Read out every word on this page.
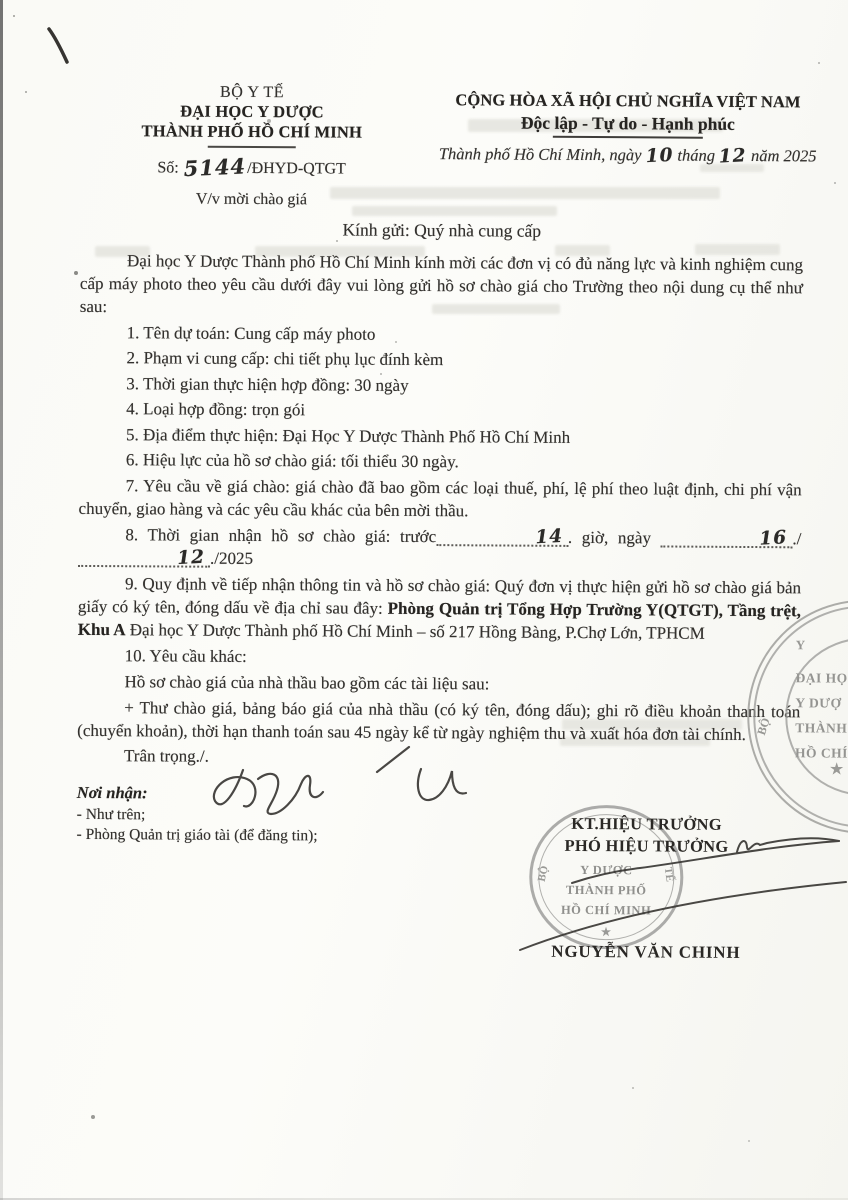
BỘ Y TẾ
ĐẠI HỌC Y DƯỢC
THÀNH PHỐ HỒ CHÍ MINH
Số: 5144/ĐHYD-QTGT
V/v mời chào giá
CỘNG HÒA XÃ HỘI CHỦ NGHĨA VIỆT NAM
Độc lập - Tự do - Hạnh phúc
Thành phố Hồ Chí Minh, ngày 10 tháng 12 năm 2025
Kính gửi: Quý nhà cung cấp

Đại học Y Dược Thành phố Hồ Chí Minh kính mời các đơn vị có đủ năng lực và kinh nghiệm cung cấp máy photo theo yêu cầu dưới đây vui lòng gửi hồ sơ chào giá cho Trường theo nội dung cụ thể như sau:

1. Tên dự toán: Cung cấp máy photo
2. Phạm vi cung cấp: chi tiết phụ lục đính kèm
3. Thời gian thực hiện hợp đồng: 30 ngày
4. Loại hợp đồng: trọn gói
5. Địa điểm thực hiện: Đại Học Y Dược Thành Phố Hồ Chí Minh
6. Hiệu lực của hồ sơ chào giá: tối thiểu 30 ngày.

7. Yêu cầu về giá chào: giá chào đã bao gồm các loại thuế, phí, lệ phí theo luật định, chi phí vận chuyển, giao hàng và các yêu cầu khác của bên mời thầu.

8. Thời gian nhận hồ sơ chào giá: trước	14 . giờ, ngày	16 ./12 ./2025

9. Quy định về tiếp nhận thông tin và hồ sơ chào giá: Quý đơn vị thực hiện gửi hồ sơ chào giá bản giấy có ký tên, đóng dấu về địa chỉ sau đây: Phòng Quản trị Tổng Hợp Trường Y(QTGT), Tầng trệt, Khu A Đại học Y Dược Thành phố Hồ Chí Minh – số 217 Hồng Bàng, P.Chợ Lớn, TPHCM

10. Yêu cầu khác:

Hồ sơ chào giá của nhà thầu bao gồm các tài liệu sau:

+ Thư chào giá, bảng báo giá của nhà thầu (có ký tên, đóng dấu); ghi rõ điều khoản thanh toán (chuyển khoản), thời hạn thanh toán sau 45 ngày kể từ ngày nghiệm thu và xuất hóa đơn tài chính.

Trân trọng./.
Nơi nhận:
- Như trên;
- Phòng Quản trị giáo tài (để đăng tin);
BỘ	TẾ
Y DƯỢC
THÀNH PHỐ
HỒ CHÍ MINH
★
KT.HIỆU TRƯỞNG
PHÓ HIỆU TRƯỞNG
NGUYỄN VĂN CHINH
Y
ĐẠI HỌ
Y DƯỢ
THÀNH
HỒ CHÍ
BỘ
★
